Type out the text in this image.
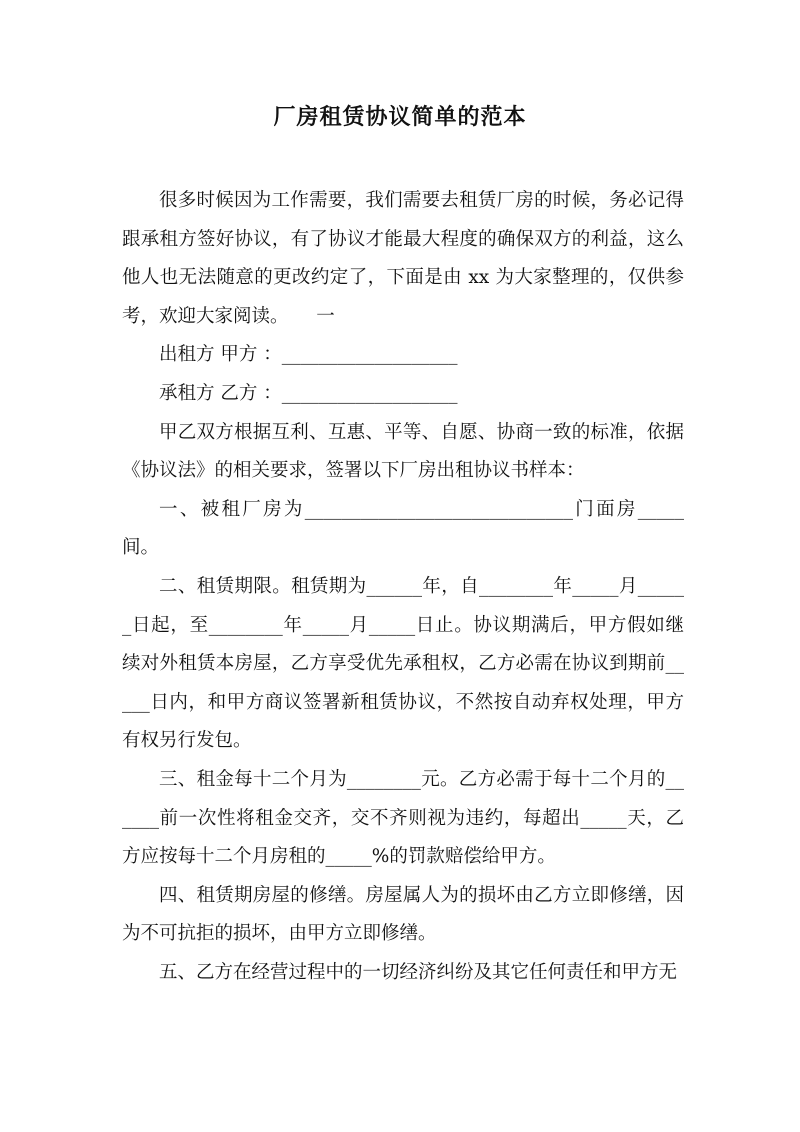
厂房租赁协议简单的范本

很多时候因为工作需要，我们需要去租赁厂房的时候，务必记得跟承租方签好协议，有了协议才能最大程度的确保双方的利益，这么他人也无法随意的更改约定了，下面是由 xx 为大家整理的，仅供参考，欢迎大家阅读。　　一

出租方 甲方 ：___________________

承租方 乙方 ：___________________

甲乙双方根据互利、互惠、平等、自愿、协商一致的标准，依据《协议法》的相关要求，签署以下厂房出租协议书样本：

一、被租厂房为_____________________________门面房_____间。

二、租赁期限。租赁期为______年，自________年_____月______日起，至________年_____月_____日止。协议期满后，甲方假如继续对外租赁本房屋，乙方享受优先承租权，乙方必需在协议到期前_____日内，和甲方商议签署新租赁协议，不然按自动弃权处理，甲方有权另行发包。

三、租金每十二个月为________元。乙方必需于每十二个月的______前一次性将租金交齐，交不齐则视为违约，每超出_____天，乙方应按每十二个月房租的_____%的罚款赔偿给甲方。

四、租赁期房屋的修缮。房屋属人为的损坏由乙方立即修缮，因为不可抗拒的损坏，由甲方立即修缮。

五、乙方在经营过程中的一切经济纠纷及其它任何责任和甲方无
